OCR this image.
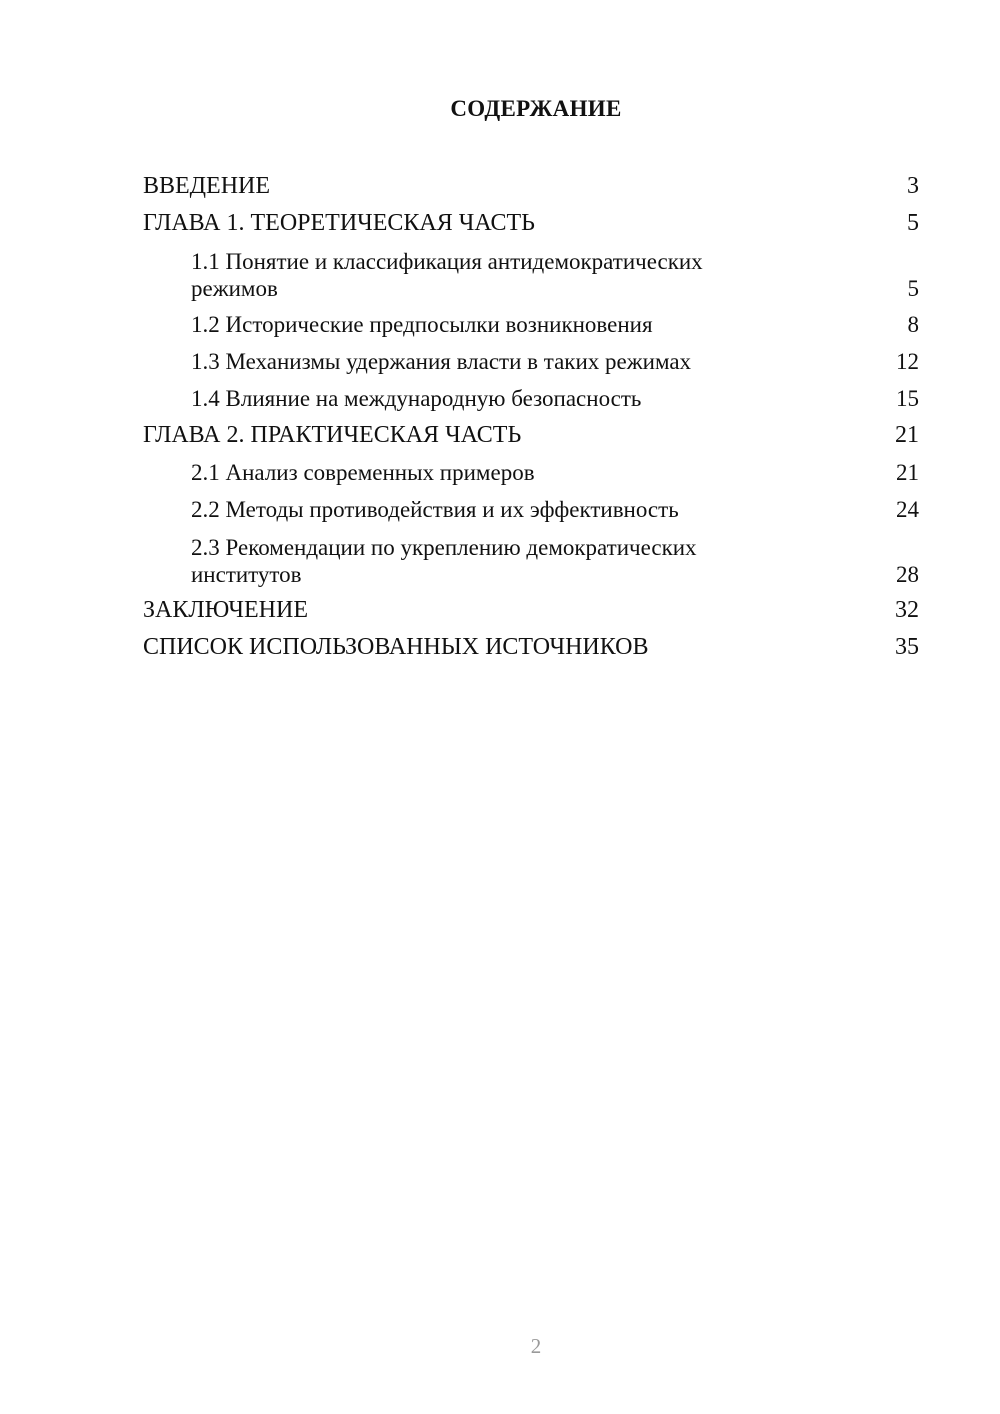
СОДЕРЖАНИЕ
ВВЕДЕНИЕ	3
ГЛАВА 1. ТЕОРЕТИЧЕСКАЯ ЧАСТЬ	5
1.1 Понятие и классификация антидемократических режимов	5
1.2 Исторические предпосылки возникновения	8
1.3 Механизмы удержания власти в таких режимах	12
1.4 Влияние на международную безопасность	15
ГЛАВА 2. ПРАКТИЧЕСКАЯ ЧАСТЬ	21
2.1 Анализ современных примеров	21
2.2 Методы противодействия и их эффективность	24
2.3 Рекомендации по укреплению демократических институтов	28
ЗАКЛЮЧЕНИЕ	32
СПИСОК ИСПОЛЬЗОВАННЫХ ИСТОЧНИКОВ	35
2
